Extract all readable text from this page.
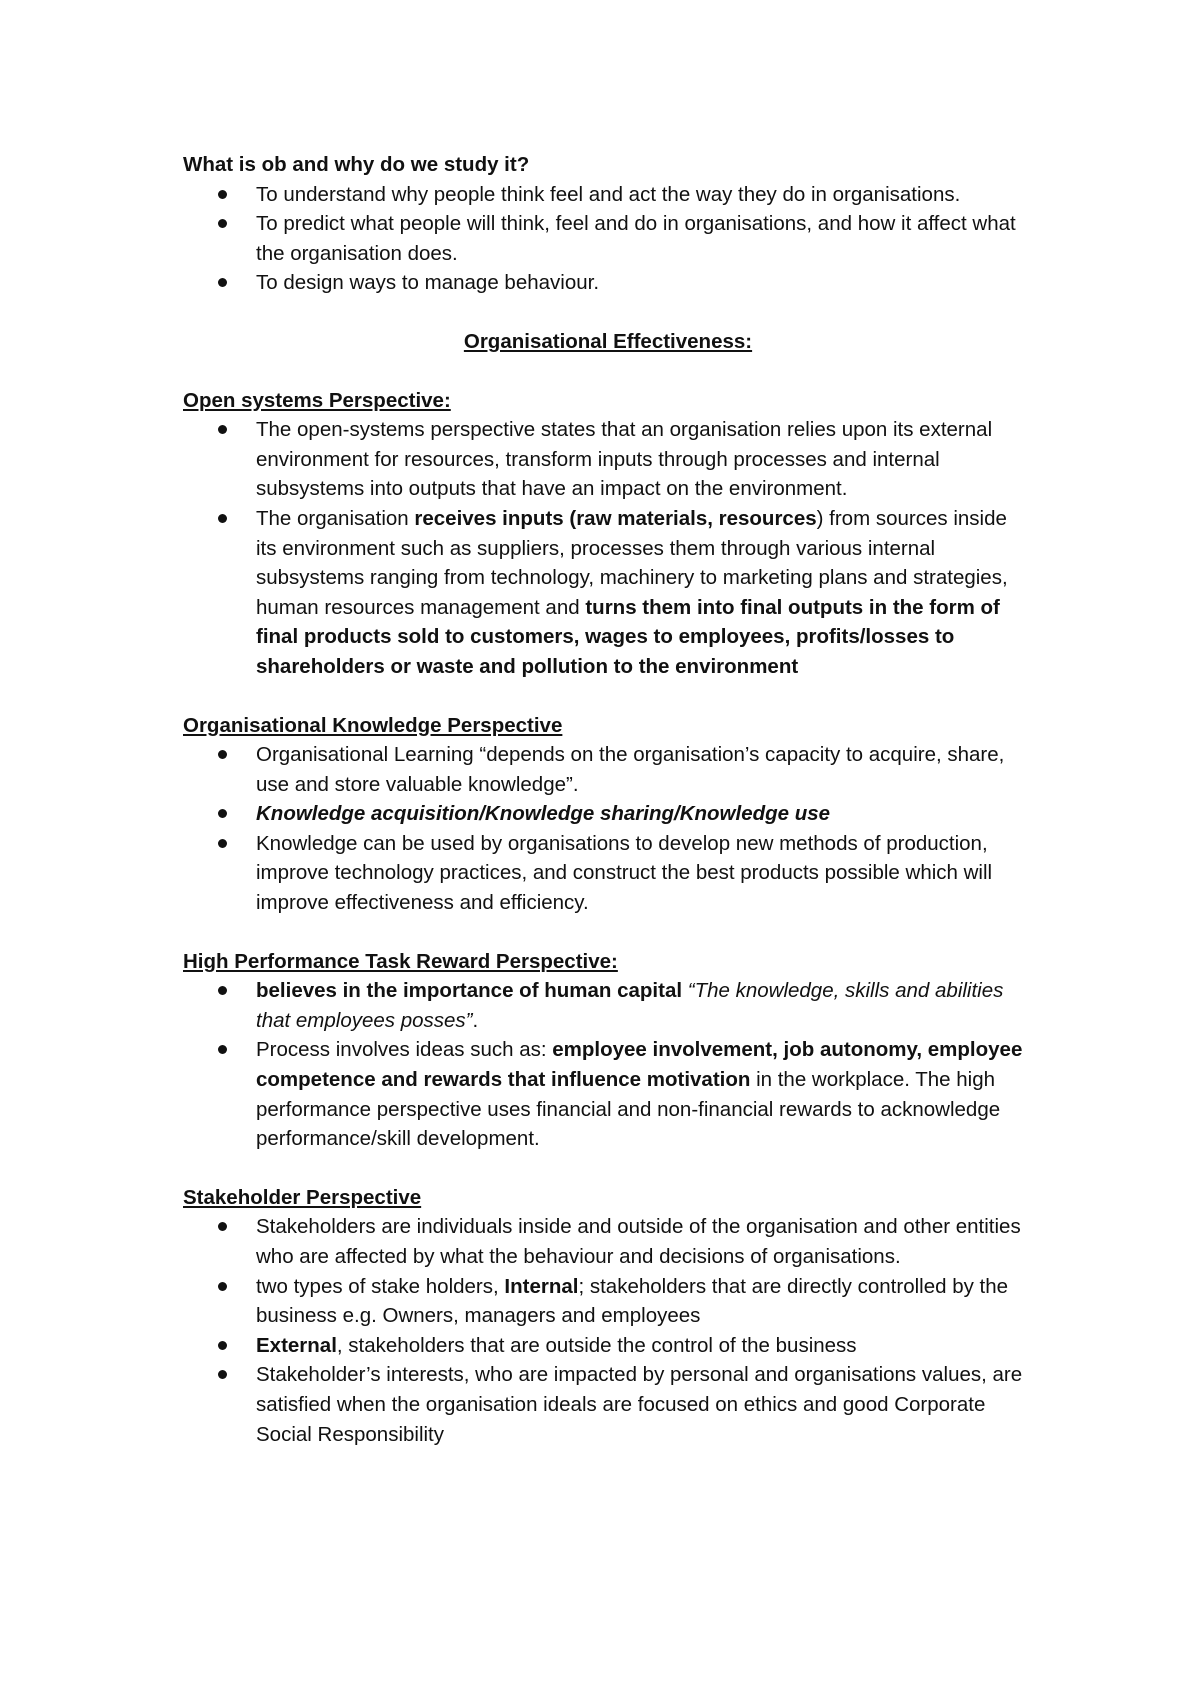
What is ob and why do we study it?

To understand why people think feel and act the way they do in organisations.
To predict what people will think, feel and do in organisations, and how it affect what the organisation does.
To design ways to manage behaviour.

Organisational Effectiveness:

Open systems Perspective:

The open-systems perspective states that an organisation relies upon its external environment for resources, transform inputs through processes and internal subsystems into outputs that have an impact on the environment.
The organisation receives inputs (raw materials, resources) from sources inside its environment such as suppliers, processes them through various internal subsystems ranging from technology, machinery to marketing plans and strategies, human resources management and turns them into final outputs in the form of final products sold to customers, wages to employees, profits/losses to shareholders or waste and pollution to the environment

Organisational Knowledge Perspective

Organisational Learning “depends on the organisation’s capacity to acquire, share, use and store valuable knowledge”.
Knowledge acquisition/Knowledge sharing/Knowledge use
Knowledge can be used by organisations to develop new methods of production, improve technology practices, and construct the best products possible which will improve effectiveness and efficiency.

High Performance Task Reward Perspective:

believes in the importance of human capital “The knowledge, skills and abilities that employees posses”.
Process involves ideas such as: employee involvement, job autonomy, employee competence and rewards that influence motivation in the workplace. The high performance perspective uses financial and non-financial rewards to acknowledge performance/skill development.

Stakeholder Perspective

Stakeholders are individuals inside and outside of the organisation and other entities who are affected by what the behaviour and decisions of organisations.
two types of stake holders, Internal; stakeholders that are directly controlled by the business e.g. Owners, managers and employees
External, stakeholders that are outside the control of the business
Stakeholder’s interests, who are impacted by personal and organisations values, are satisfied when the organisation ideals are focused on ethics and good Corporate Social Responsibility
